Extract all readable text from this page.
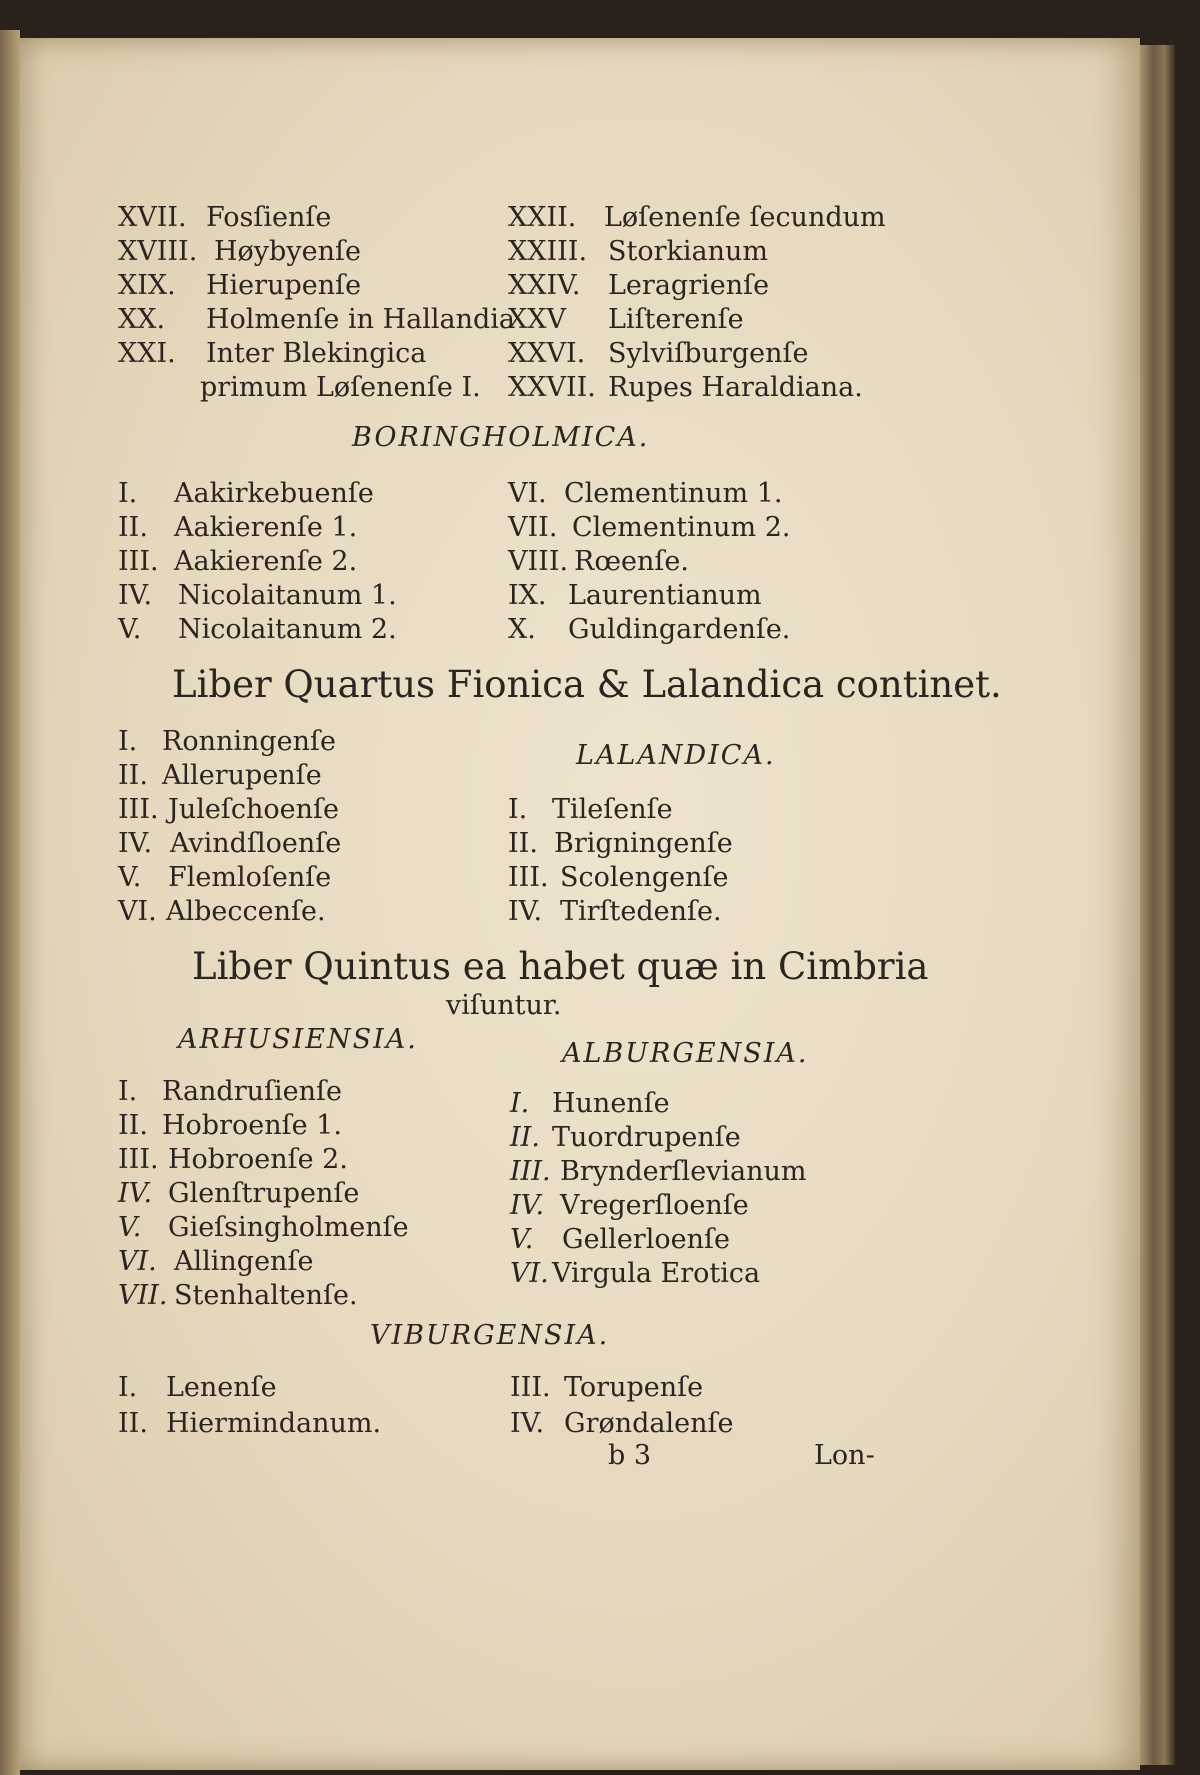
XVII. Fosſienſe
XVIII. Høybyenſe
XIX. Hierupenſe
XX. Holmenſe in Hallandia
XXI. Inter Blekingica
primum Løſenenſe I.
XXII. Løſenenſe ſecundum
XXIII. Storkianum
XXIV. Leragrienſe
XXV Liſterenſe
XXVI. Sylviſburgenſe
XXVII. Rupes Haraldiana.
BORINGHOLMICA.
I. Aakirkebuenſe
II. Aakierenſe 1.
III. Aakierenſe 2.
IV. Nicolaitanum 1.
V. Nicolaitanum 2.
VI. Clementinum 1.
VII. Clementinum 2.
VIII. Rœenſe.
IX. Laurentianum
X. Guldingardenſe.
Liber Quartus Fionica & Lalandica continet.
I. Ronningenſe
II. Allerupenſe
III. Juleſchoenſe
IV. Avindſloenſe
V. Flemloſenſe
VI. Albeccenſe.
LALANDICA.
I. Tileſenſe
II. Brigningenſe
III. Scolengenſe
IV. Tirſtedenſe.
Liber Quintus ea habet quæ in Cimbria
viſuntur.
ARHUSIENSIA.	ALBURGENSIA.
I. Randruſienſe
II. Hobroenſe 1.
III. Hobroenſe 2.
IV. Glenſtrupenſe
V. Gieſsingholmenſe
VI. Allingenſe
VII. Stenhaltenſe.
I. Hunenſe
II. Tuordrupenſe
III. Brynderſlevianum
IV. Vregerſloenſe
V. Gellerloenſe
VI. Virgula Erotica
VIBURGENSIA.
I. Lenenſe
II. Hiermindanum.
III. Torupenſe
IV. Grøndalenſe
b 3	Lon-
